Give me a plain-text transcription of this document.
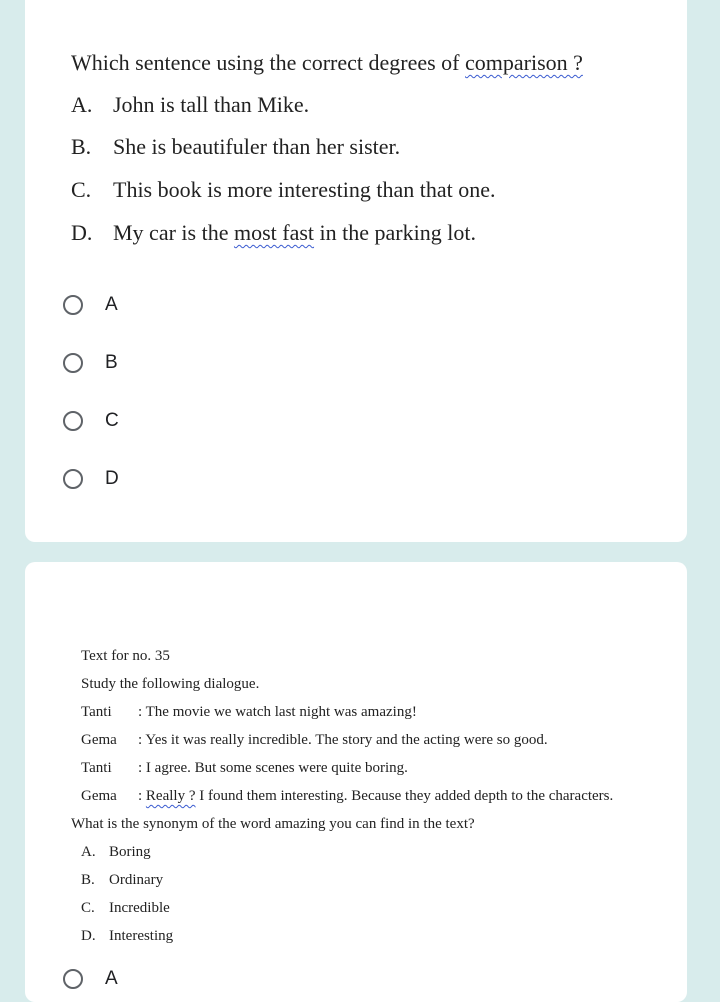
Which sentence using the correct degrees of comparison ?
A. John is tall than Mike.
B. She is beautifuler than her sister.
C. This book is more interesting than that one.
D. My car is the most fast in the parking lot.
A
B
C
D
Text for no. 35
Study the following dialogue.
Tanti : The movie we watch last night was amazing!
Gema : Yes it was really incredible. The story and the acting were so good.
Tanti : I agree. But some scenes were quite boring.
Gema : Really ? I found them interesting. Because they added depth to the characters.
What is the synonym of the word amazing you can find in the text?
A. Boring
B. Ordinary
C. Incredible
D. Interesting
A
